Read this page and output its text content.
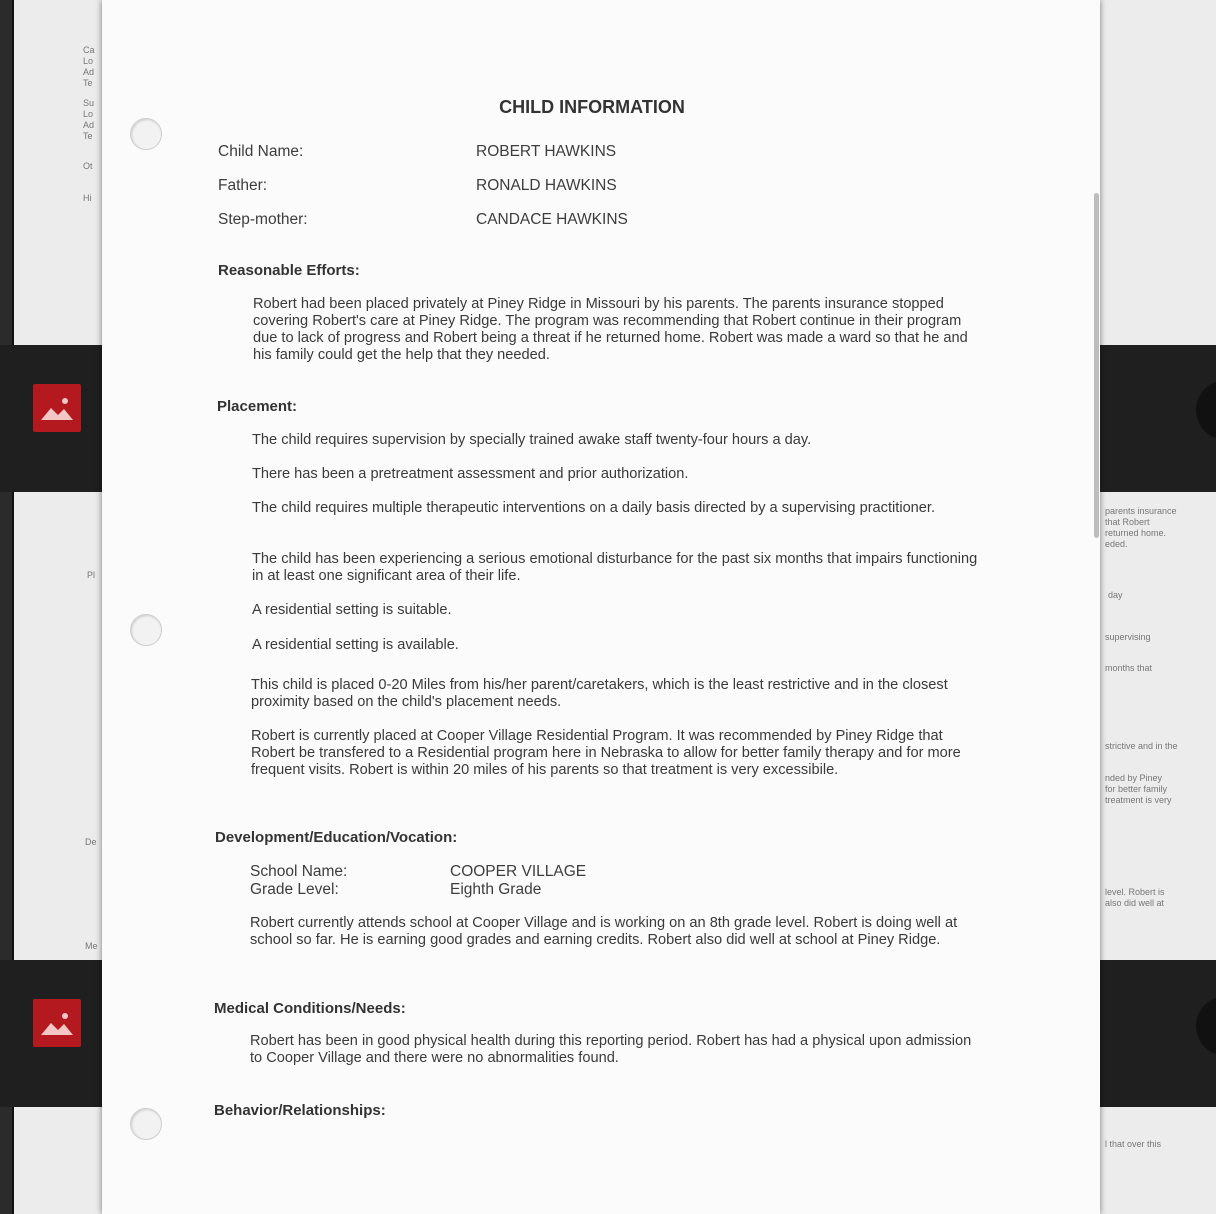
Ca
Lo
Ad
Te
Su
Lo
Ad
Te
Ot
Hi
Pl
De
Me
parents insurance
that Robert
returned home.
eded.
day
supervising
months that
strictive and in the
nded by Piney
for better family
treatment is very
level. Robert is
also did well at
l that over this
CHILD INFORMATION
Child Name:	ROBERT HAWKINS
Father:	RONALD HAWKINS
Step-mother:	CANDACE HAWKINS
Reasonable Efforts:
Robert had been placed privately at Piney Ridge in Missouri by his parents. The parents insurance stopped covering Robert's care at Piney Ridge. The program was recommending that Robert continue in their program due to lack of progress and Robert being a threat if he returned home. Robert was made a ward so that he and his family could get the help that they needed.
Placement:
The child requires supervision by specially trained awake staff twenty-four hours a day.
There has been a pretreatment assessment and prior authorization.
The child requires multiple therapeutic interventions on a daily basis directed by a supervising practitioner.
The child has been experiencing a serious emotional disturbance for the past six months that impairs functioning in at least one significant area of their life.
A residential setting is suitable.
A residential setting is available.
This child is placed 0-20 Miles from his/her parent/caretakers, which is the least restrictive and in the closest proximity based on the child's placement needs.
Robert is currently placed at Cooper Village Residential Program. It was recommended by Piney Ridge that Robert be transfered to a Residential program here in Nebraska to allow for better family therapy and for more frequent visits. Robert is within 20 miles of his parents so that treatment is very excessibile.
Development/Education/Vocation:
School Name:	COOPER VILLAGE
Grade Level:	Eighth Grade
Robert currently attends school at Cooper Village and is working on an 8th grade level. Robert is doing well at school so far. He is earning good grades and earning credits. Robert also did well at school at Piney Ridge.
Medical Conditions/Needs:
Robert has been in good physical health during this reporting period. Robert has had a physical upon admission to Cooper Village and there were no abnormalities found.
Behavior/Relationships:
